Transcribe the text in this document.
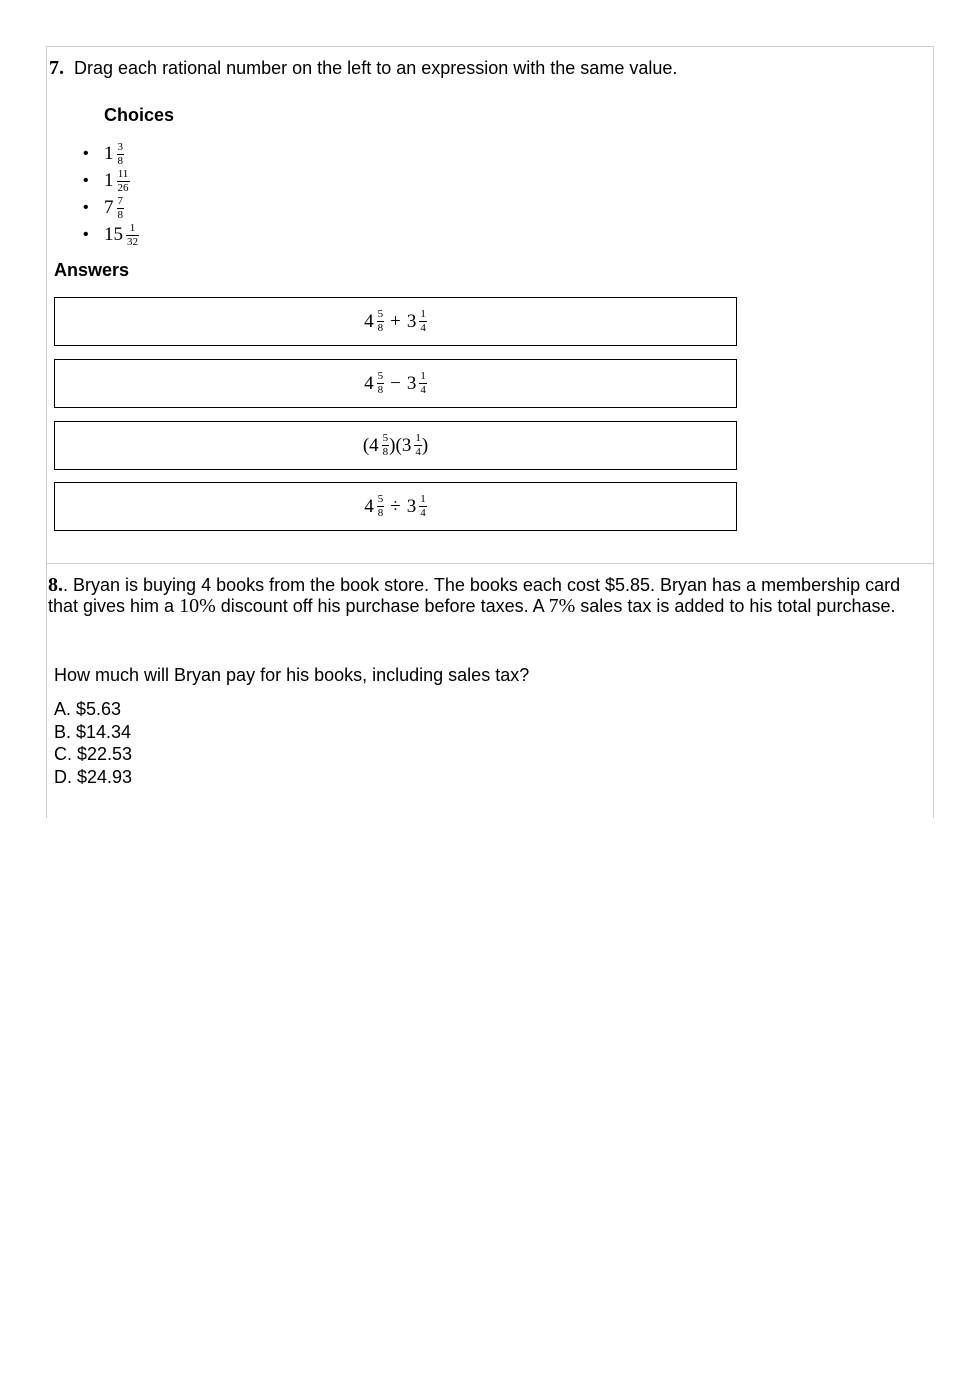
7. Drag each rational number on the left to an expression with the same value.
Choices
• $1 \frac{3}{8}$
• $1 \frac{11}{26}$
• $7 \frac{7}{8}$
• $15 \frac{1}{32}$
Answers
$4 \frac{5}{8} + 3 \frac{1}{4}$
$4 \frac{5}{8} - 3 \frac{1}{4}$
( $4 \frac{5}{8}$ ) ( $3 \frac{1}{4}$ )
$4 \frac{5}{8} \div 3 \frac{1}{4}$
8.. Bryan is buying 4 books from the book store. The books each cost $5.85. Bryan has a membership card that gives him a 10% discount off his purchase before taxes. A 7% sales tax is added to his total purchase.
How much will Bryan pay for his books, including sales tax?
A. $5.63
B. $14.34
C. $22.53
D. $24.93
